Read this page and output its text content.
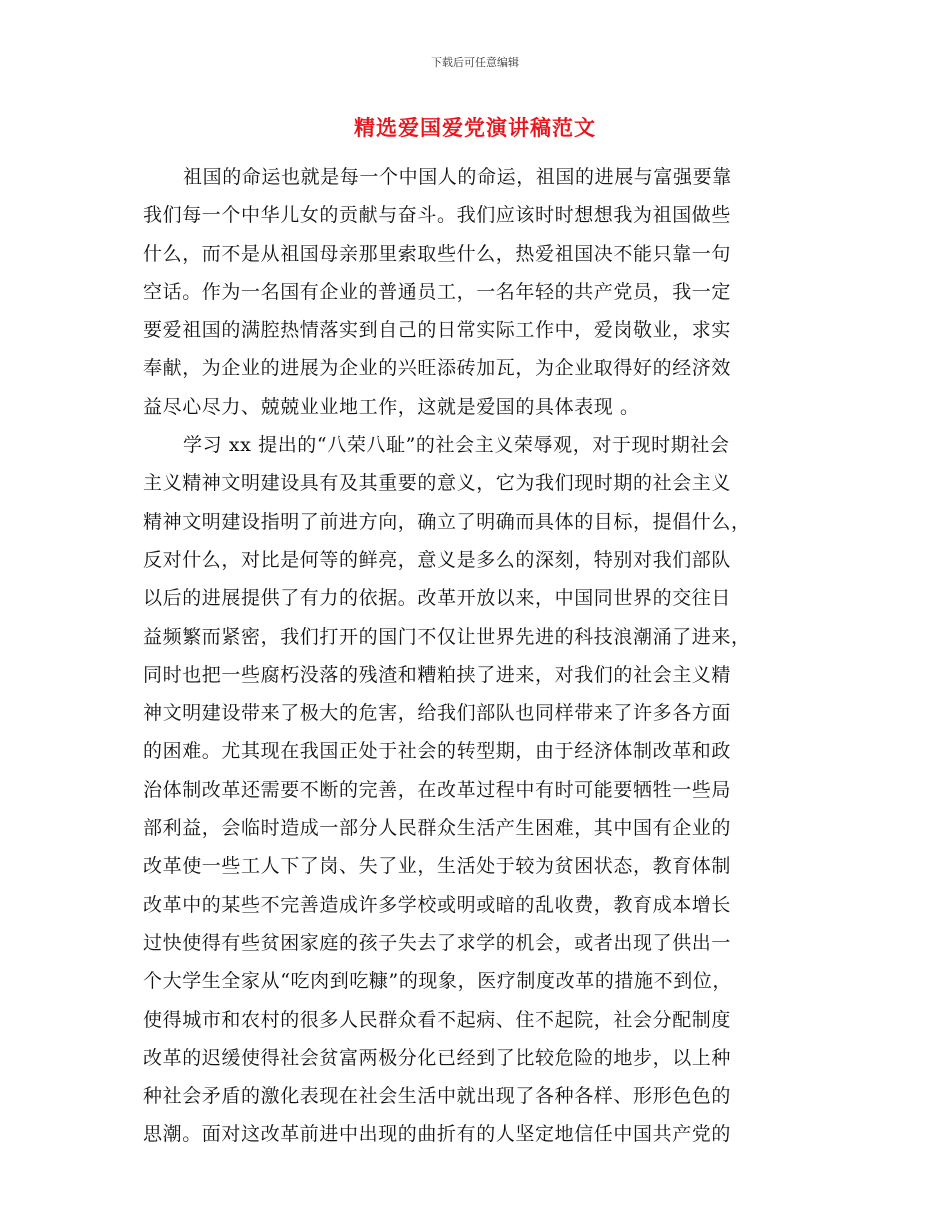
下载后可任意编辑
精选爱国爱党演讲稿范文
祖国的命运也就是每一个中国人的命运，祖国的进展与富强要靠
我们每一个中华儿女的贡献与奋斗。我们应该时时想想我为祖国做些
什么，而不是从祖国母亲那里索取些什么，热爱祖国决不能只靠一句
空话。作为一名国有企业的普通员工，一名年轻的共产党员，我一定
要爱祖国的满腔热情落实到自己的日常实际工作中，爱岗敬业，求实
奉献，为企业的进展为企业的兴旺添砖加瓦，为企业取得好的经济效
益尽心尽力、兢兢业业地工作，这就是爱国的具体表现 。
学习 xx 提出的“八荣八耻”的社会主义荣辱观，对于现时期社会
主义精神文明建设具有及其重要的意义，它为我们现时期的社会主义
精神文明建设指明了前进方向，确立了明确而具体的目标，提倡什么，
反对什么，对比是何等的鲜亮，意义是多么的深刻，特别对我们部队
以后的进展提供了有力的依据。改革开放以来，中国同世界的交往日
益频繁而紧密，我们打开的国门不仅让世界先进的科技浪潮涌了进来，
同时也把一些腐朽没落的残渣和糟粕挟了进来，对我们的社会主义精
神文明建设带来了极大的危害，给我们部队也同样带来了许多各方面
的困难。尤其现在我国正处于社会的转型期，由于经济体制改革和政
治体制改革还需要不断的完善，在改革过程中有时可能要牺牲一些局
部利益，会临时造成一部分人民群众生活产生困难，其中国有企业的
改革使一些工人下了岗、失了业，生活处于较为贫困状态，教育体制
改革中的某些不完善造成许多学校或明或暗的乱收费，教育成本增长
过快使得有些贫困家庭的孩子失去了求学的机会，或者出现了供出一
个大学生全家从“吃肉到吃糠”的现象，医疗制度改革的措施不到位，
使得城市和农村的很多人民群众看不起病、住不起院，社会分配制度
改革的迟缓使得社会贫富两极分化已经到了比较危险的地步，以上种
种社会矛盾的激化表现在社会生活中就出现了各种各样、形形色色的
思潮。面对这改革前进中出现的曲折有的人坚定地信任中国共产党的
